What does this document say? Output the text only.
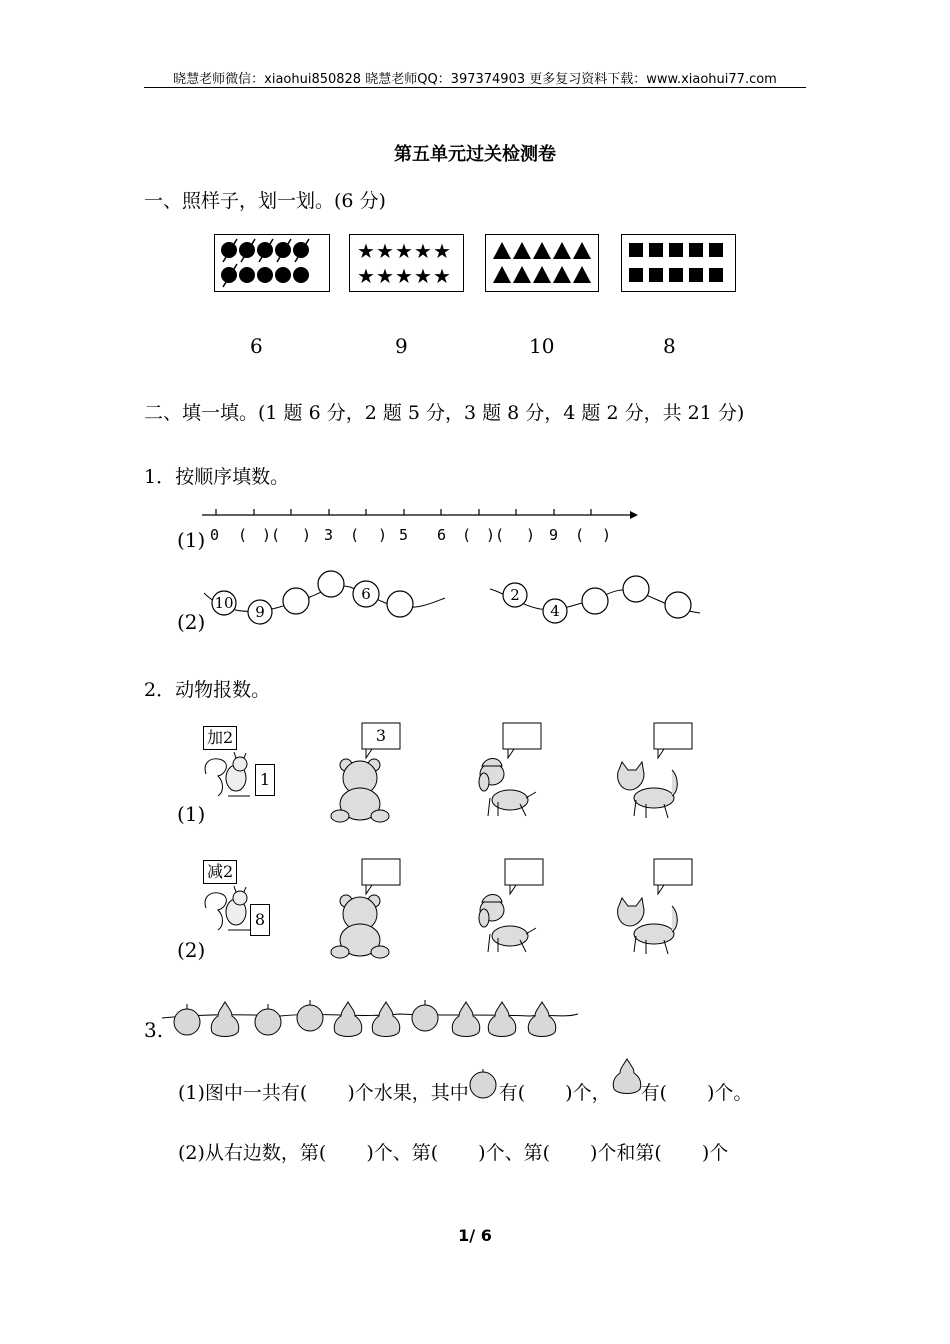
晓慧老师微信：xiaohui850828 晓慧老师QQ：397374903 更多复习资料下载：www.xiaohui77.com
第五单元过关检测卷
一、照样子，划一划。(6 分)
★ ★ ★ ★ ★
★ ★ ★ ★ ★
6	9	10	8
二、填一填。(1 题 6 分，2 题 5 分，3 题 8 分，4 题 2 分，共 21 分)
1．按顺序填数。
(1) 0 ( )( ) 3 ( ) 5 6 ( )( ) 9 ( )
(2)
10	9
6	2
4
2．动物报数。
加2
1
(1)
3
减2
8
(2)
3.
(1)图中一共有( )个水果，其中 有( )个， 有( )个。
(2)从右边数，第( )个、第( )个、第( )个和第( )个
1/ 6
